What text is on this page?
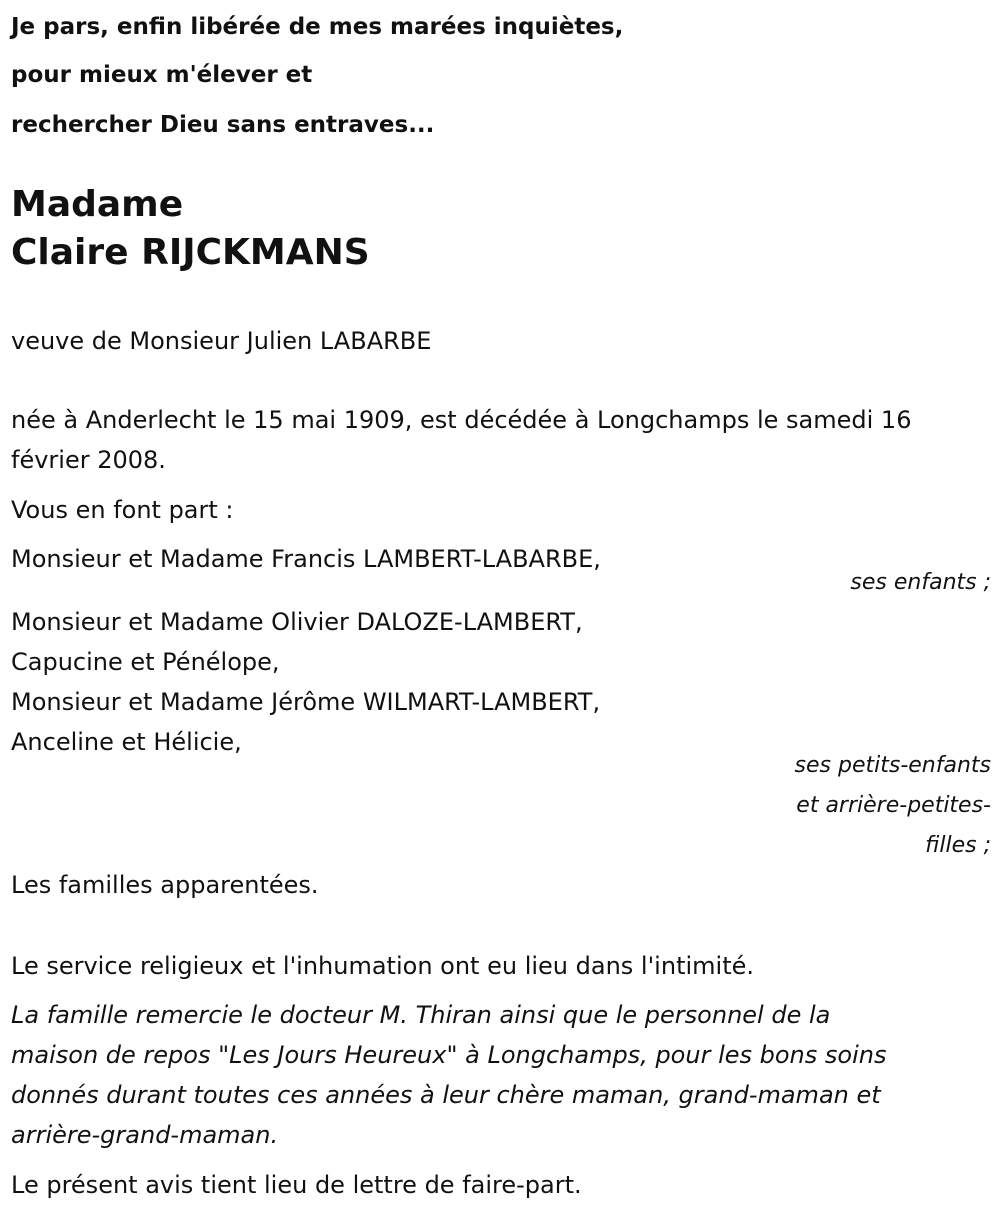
Je pars, enfin libérée de mes marées inquiètes,
pour mieux m'élever et
rechercher Dieu sans entraves...
Madame
Claire RIJCKMANS
veuve de Monsieur Julien LABARBE
née à Anderlecht le 15 mai 1909, est décédée à Longchamps le samedi 16
février 2008.
Vous en font part :
Monsieur et Madame Francis LAMBERT-LABARBE,
ses enfants ;
Monsieur et Madame Olivier DALOZE-LAMBERT,
Capucine et Pénélope,
Monsieur et Madame Jérôme WILMART-LAMBERT,
Anceline et Hélicie,
ses petits-enfants
et arrière-petites-
filles ;
Les familles apparentées.
Le service religieux et l'inhumation ont eu lieu dans l'intimité.
La famille remercie le docteur M. Thiran ainsi que le personnel de la
maison de repos "Les Jours Heureux" à Longchamps, pour les bons soins
donnés durant toutes ces années à leur chère maman, grand-maman et
arrière-grand-maman.
Le présent avis tient lieu de lettre de faire-part.
